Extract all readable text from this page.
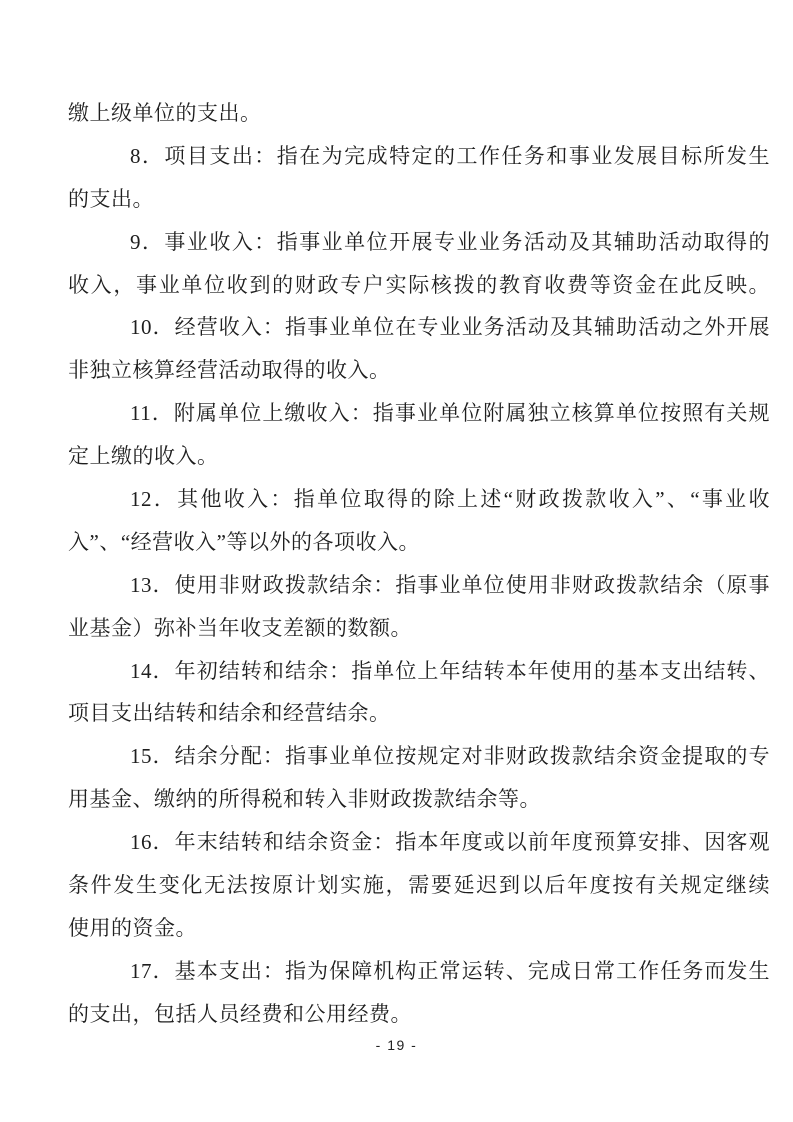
缴上级单位的支出。
8．项目支出：指在为完成特定的工作任务和事业发展目标所发生
的支出。
9．事业收入：指事业单位开展专业业务活动及其辅助活动取得的
收入，事业单位收到的财政专户实际核拨的教育收费等资金在此反映。
10．经营收入：指事业单位在专业业务活动及其辅助活动之外开展
非独立核算经营活动取得的收入。
11．附属单位上缴收入：指事业单位附属独立核算单位按照有关规
定上缴的收入。
12．其他收入：指单位取得的除上述“财政拨款收入”、“事业收
入”、“经营收入”等以外的各项收入。
13．使用非财政拨款结余：指事业单位使用非财政拨款结余（原事
业基金）弥补当年收支差额的数额。
14．年初结转和结余：指单位上年结转本年使用的基本支出结转、
项目支出结转和结余和经营结余。
15．结余分配：指事业单位按规定对非财政拨款结余资金提取的专
用基金、缴纳的所得税和转入非财政拨款结余等。
16．年末结转和结余资金：指本年度或以前年度预算安排、因客观
条件发生变化无法按原计划实施，需要延迟到以后年度按有关规定继续
使用的资金。
17．基本支出：指为保障机构正常运转、完成日常工作任务而发生
的支出，包括人员经费和公用经费。
- 19 -
